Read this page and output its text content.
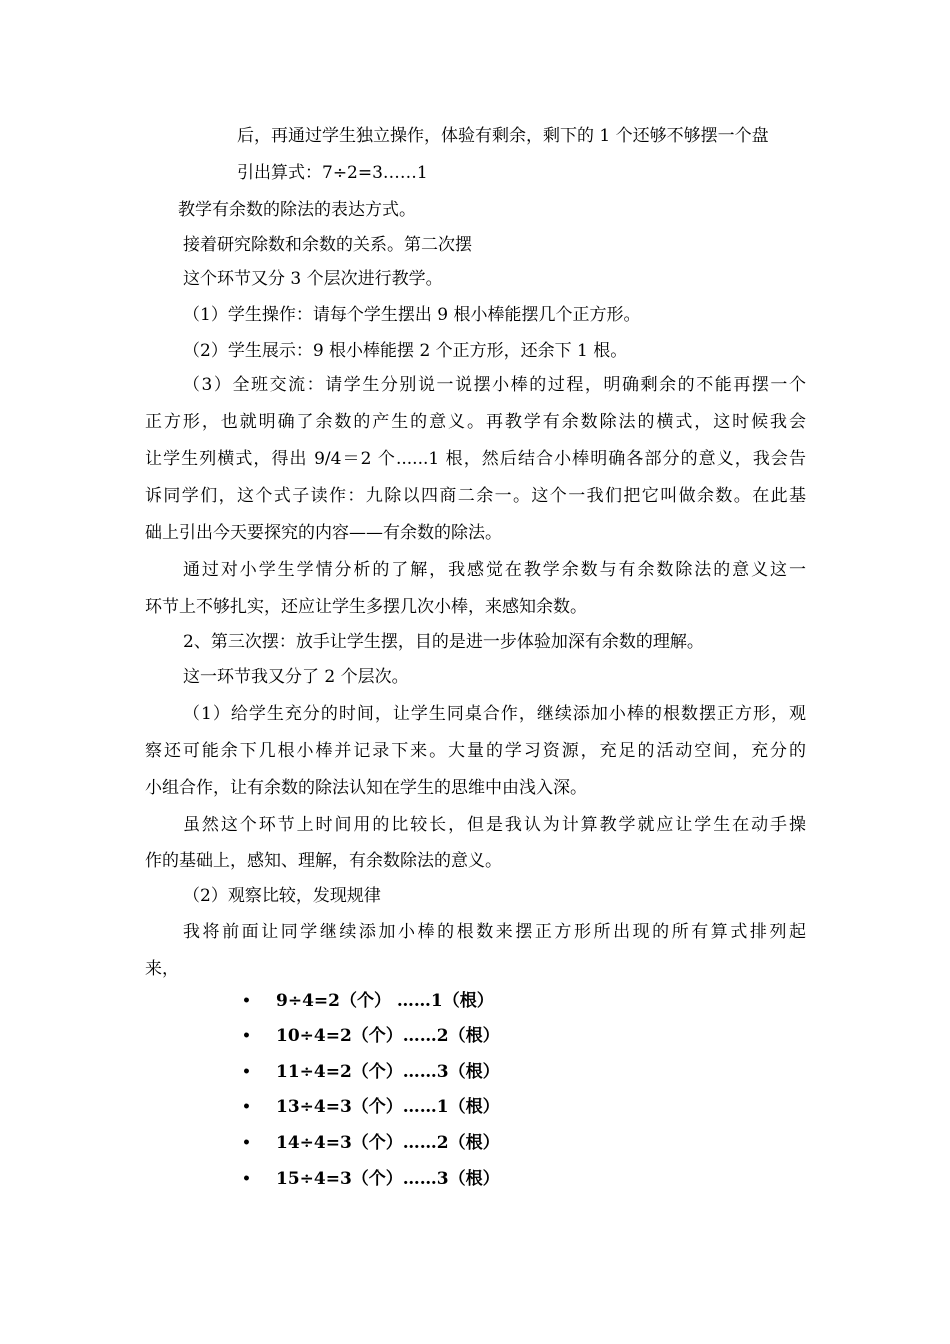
后，再通过学生独立操作，体验有剩余，剩下的 1 个还够不够摆一个盘
引出算式：7÷2=3……1
教学有余数的除法的表达方式。
接着研究除数和余数的关系。第二次摆
这个环节又分 3 个层次进行教学。
（1）学生操作：请每个学生摆出 9 根小棒能摆几个正方形。
（2）学生展示：9 根小棒能摆 2 个正方形，还余下 1 根。
（3）全班交流：请学生分别说一说摆小棒的过程，明确剩余的不能再摆一个
正方形，也就明确了余数的产生的意义。再教学有余数除法的横式，这时候我会
让学生列横式，得出 9/4＝2 个......1 根，然后结合小棒明确各部分的意义，我会告
诉同学们，这个式子读作：九除以四商二余一。这个一我们把它叫做余数。在此基
础上引出今天要探究的内容——有余数的除法。
通过对小学生学情分析的了解，我感觉在教学余数与有余数除法的意义这一
环节上不够扎实，还应让学生多摆几次小棒，来感知余数。
2、第三次摆：放手让学生摆，目的是进一步体验加深有余数的理解。
这一环节我又分了 2 个层次。
（1）给学生充分的时间，让学生同桌合作，继续添加小棒的根数摆正方形，观
察还可能余下几根小棒并记录下来。大量的学习资源，充足的活动空间，充分的
小组合作，让有余数的除法认知在学生的思维中由浅入深。
虽然这个环节上时间用的比较长，但是我认为计算教学就应让学生在动手操
作的基础上，感知、理解，有余数除法的意义。
（2）观察比较，发现规律
我将前面让同学继续添加小棒的根数来摆正方形所出现的所有算式排列起
来，
• 9÷4=2（个） ……1（根）
• 10÷4=2（个）……2（根）
• 11÷4=2（个）……3（根）
• 13÷4=3（个）……1（根）
• 14÷4=3（个）……2（根）
• 15÷4=3（个）……3（根）
